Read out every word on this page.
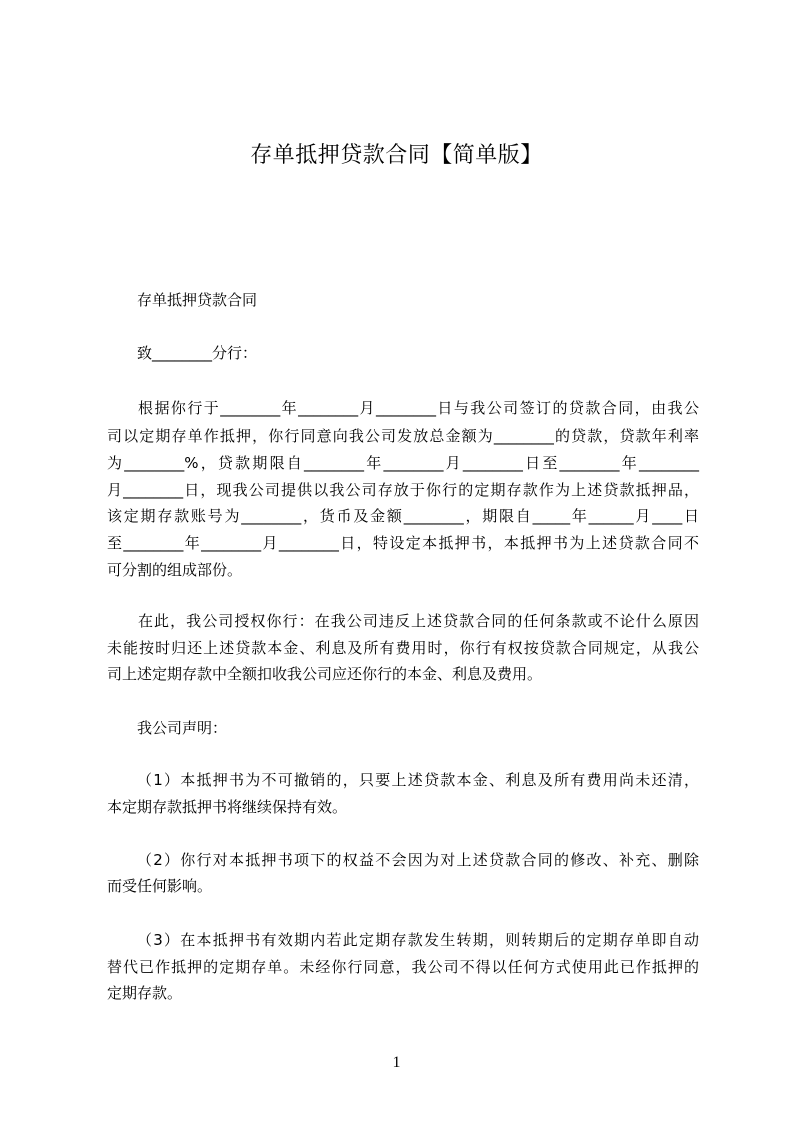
存单抵押贷款合同【简单版】
存单抵押贷款合同
致________分行：
根据你行于________年________月________日与我公司签订的贷款合同，由我公
司以定期存单作抵押，你行同意向我公司发放总金额为________的贷款，贷款年利率
为________%，贷款期限自________年________月________日至________年________
月________日，现我公司提供以我公司存放于你行的定期存款作为上述贷款抵押品，
该定期存款账号为________，货币及金额________，期限自_____年______月____日
至________年________月________日，特设定本抵押书，本抵押书为上述贷款合同不
可分割的组成部份。
在此，我公司授权你行：在我公司违反上述贷款合同的任何条款或不论什么原因
未能按时归还上述贷款本金、利息及所有费用时，你行有权按贷款合同规定，从我公
司上述定期存款中全额扣收我公司应还你行的本金、利息及费用。
我公司声明：
（1）本抵押书为不可撤销的，只要上述贷款本金、利息及所有费用尚未还清，
本定期存款抵押书将继续保持有效。
（2）你行对本抵押书项下的权益不会因为对上述贷款合同的修改、补充、删除
而受任何影响。
（3）在本抵押书有效期内若此定期存款发生转期，则转期后的定期存单即自动
替代已作抵押的定期存单。未经你行同意，我公司不得以任何方式使用此已作抵押的
定期存款。
1
